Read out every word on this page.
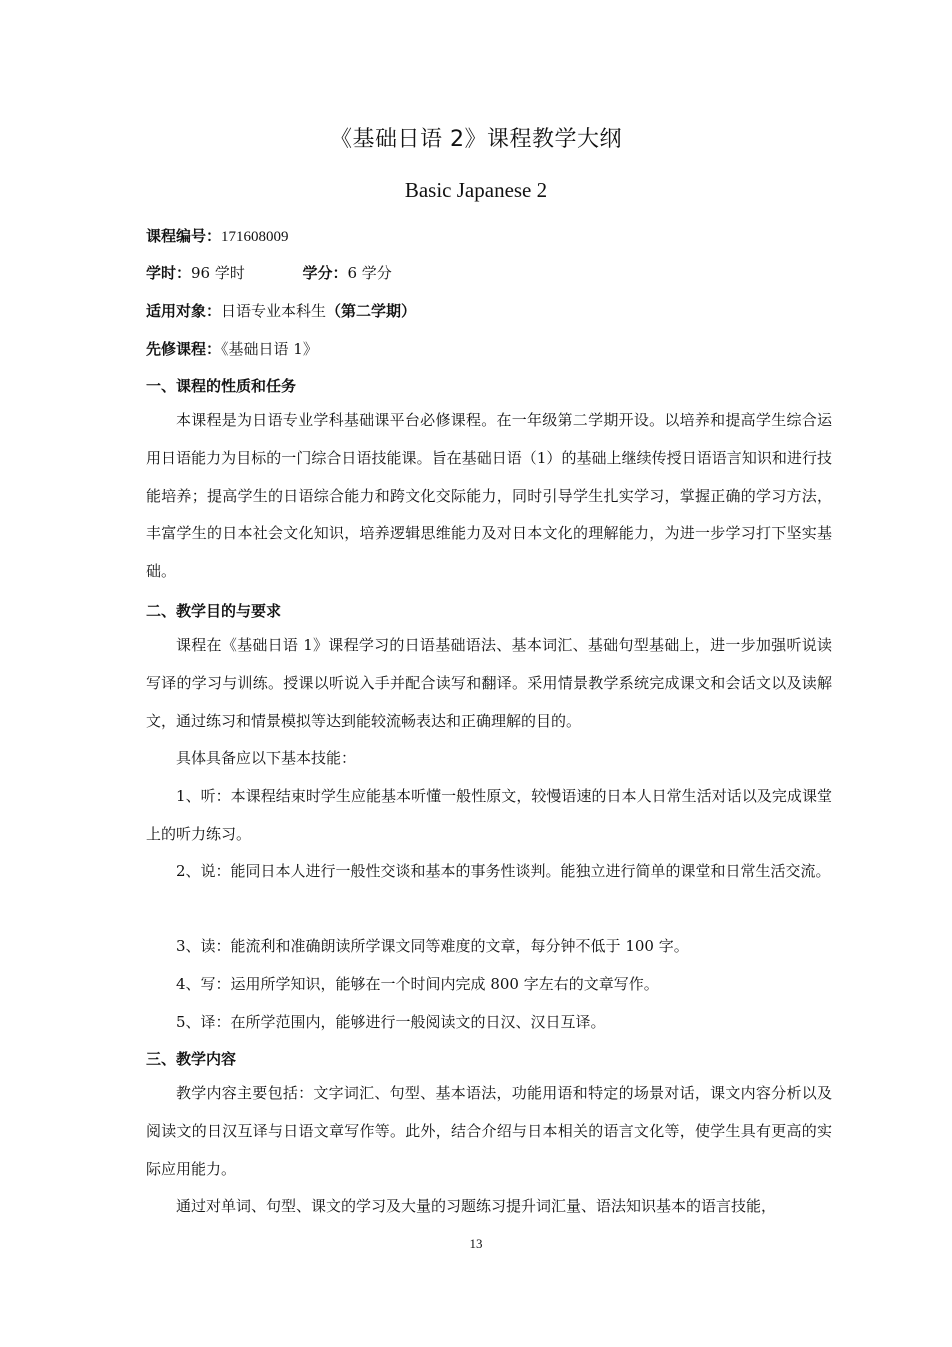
《基础日语 2》课程教学大纲
Basic Japanese 2
课程编号：171608009
学时：96 学时	学分：6 学分
适用对象：日语专业本科生（第二学期）
先修课程：《基础日语 1》
一、课程的性质和任务

本课程是为日语专业学科基础课平台必修课程。在一年级第二学期开设。以培养和提高学生综合运用日语能力为目标的一门综合日语技能课。旨在基础日语（1）的基础上继续传授日语语言知识和进行技能培养；提高学生的日语综合能力和跨文化交际能力，同时引导学生扎实学习，掌握正确的学习方法，丰富学生的日本社会文化知识，培养逻辑思维能力及对日本文化的理解能力，为进一步学习打下坚实基础。

二、教学目的与要求

课程在《基础日语 1》课程学习的日语基础语法、基本词汇、基础句型基础上，进一步加强听说读写译的学习与训练。授课以听说入手并配合读写和翻译。采用情景教学系统完成课文和会话文以及读解文，通过练习和情景模拟等达到能较流畅表达和正确理解的目的。

具体具备应以下基本技能：

1、听：本课程结束时学生应能基本听懂一般性原文，较慢语速的日本人日常生活对话以及完成课堂上的听力练习。

2、说：能同日本人进行一般性交谈和基本的事务性谈判。能独立进行简单的课堂和日常生活交流。

3、读：能流利和准确朗读所学课文同等难度的文章，每分钟不低于 100 字。

4、写：运用所学知识，能够在一个时间内完成 800 字左右的文章写作。

5、译：在所学范围内，能够进行一般阅读文的日汉、汉日互译。

三、教学内容

教学内容主要包括：文字词汇、句型、基本语法，功能用语和特定的场景对话，课文内容分析以及阅读文的日汉互译与日语文章写作等。此外，结合介绍与日本相关的语言文化等，使学生具有更高的实际应用能力。

通过对单词、句型、课文的学习及大量的习题练习提升词汇量、语法知识基本的语言技能，

13
